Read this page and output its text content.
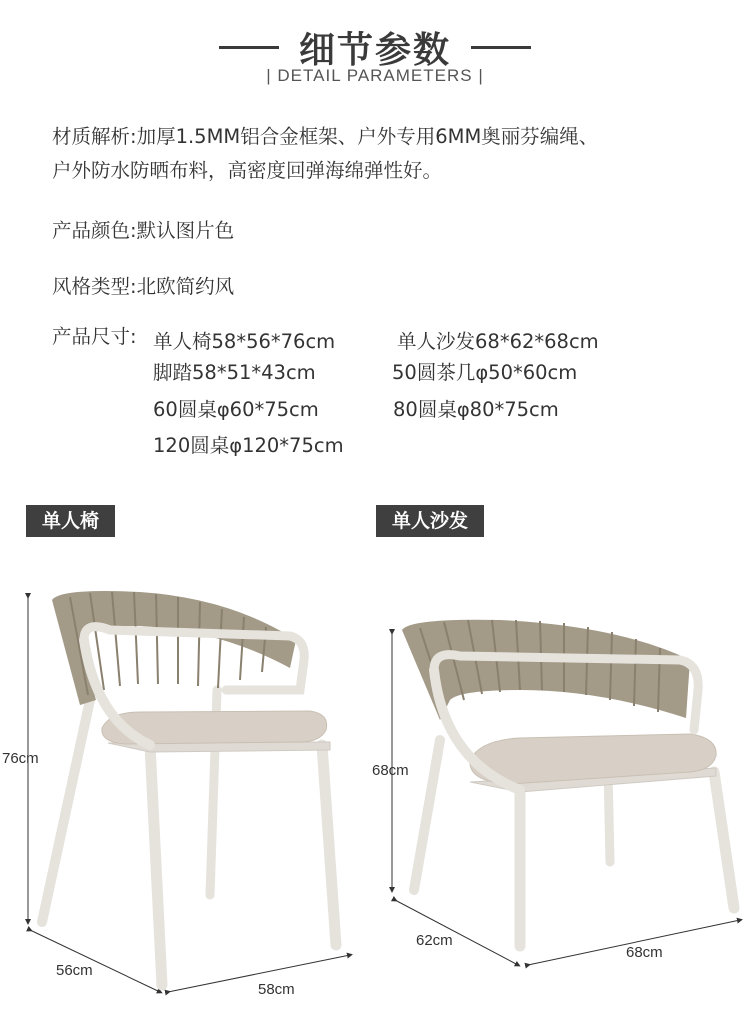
细节参数
| DETAIL PARAMETERS |
材质解析:加厚1.5MM铝合金框架、户外专用6MM奥丽芬编绳、
户外防水防晒布料，高密度回弹海绵弹性好。
产品颜色:默认图片色
风格类型:北欧简约风
产品尺寸: 单人椅58*56*76cm	单人沙发68*62*68cm
脚踏58*51*43cm	50圆茶几φ50*60cm
60圆桌φ60*75cm	80圆桌φ80*75cm
120圆桌φ120*75cm
单人椅	单人沙发
76cm
56cm
58cm
68cm
62cm
68cm
